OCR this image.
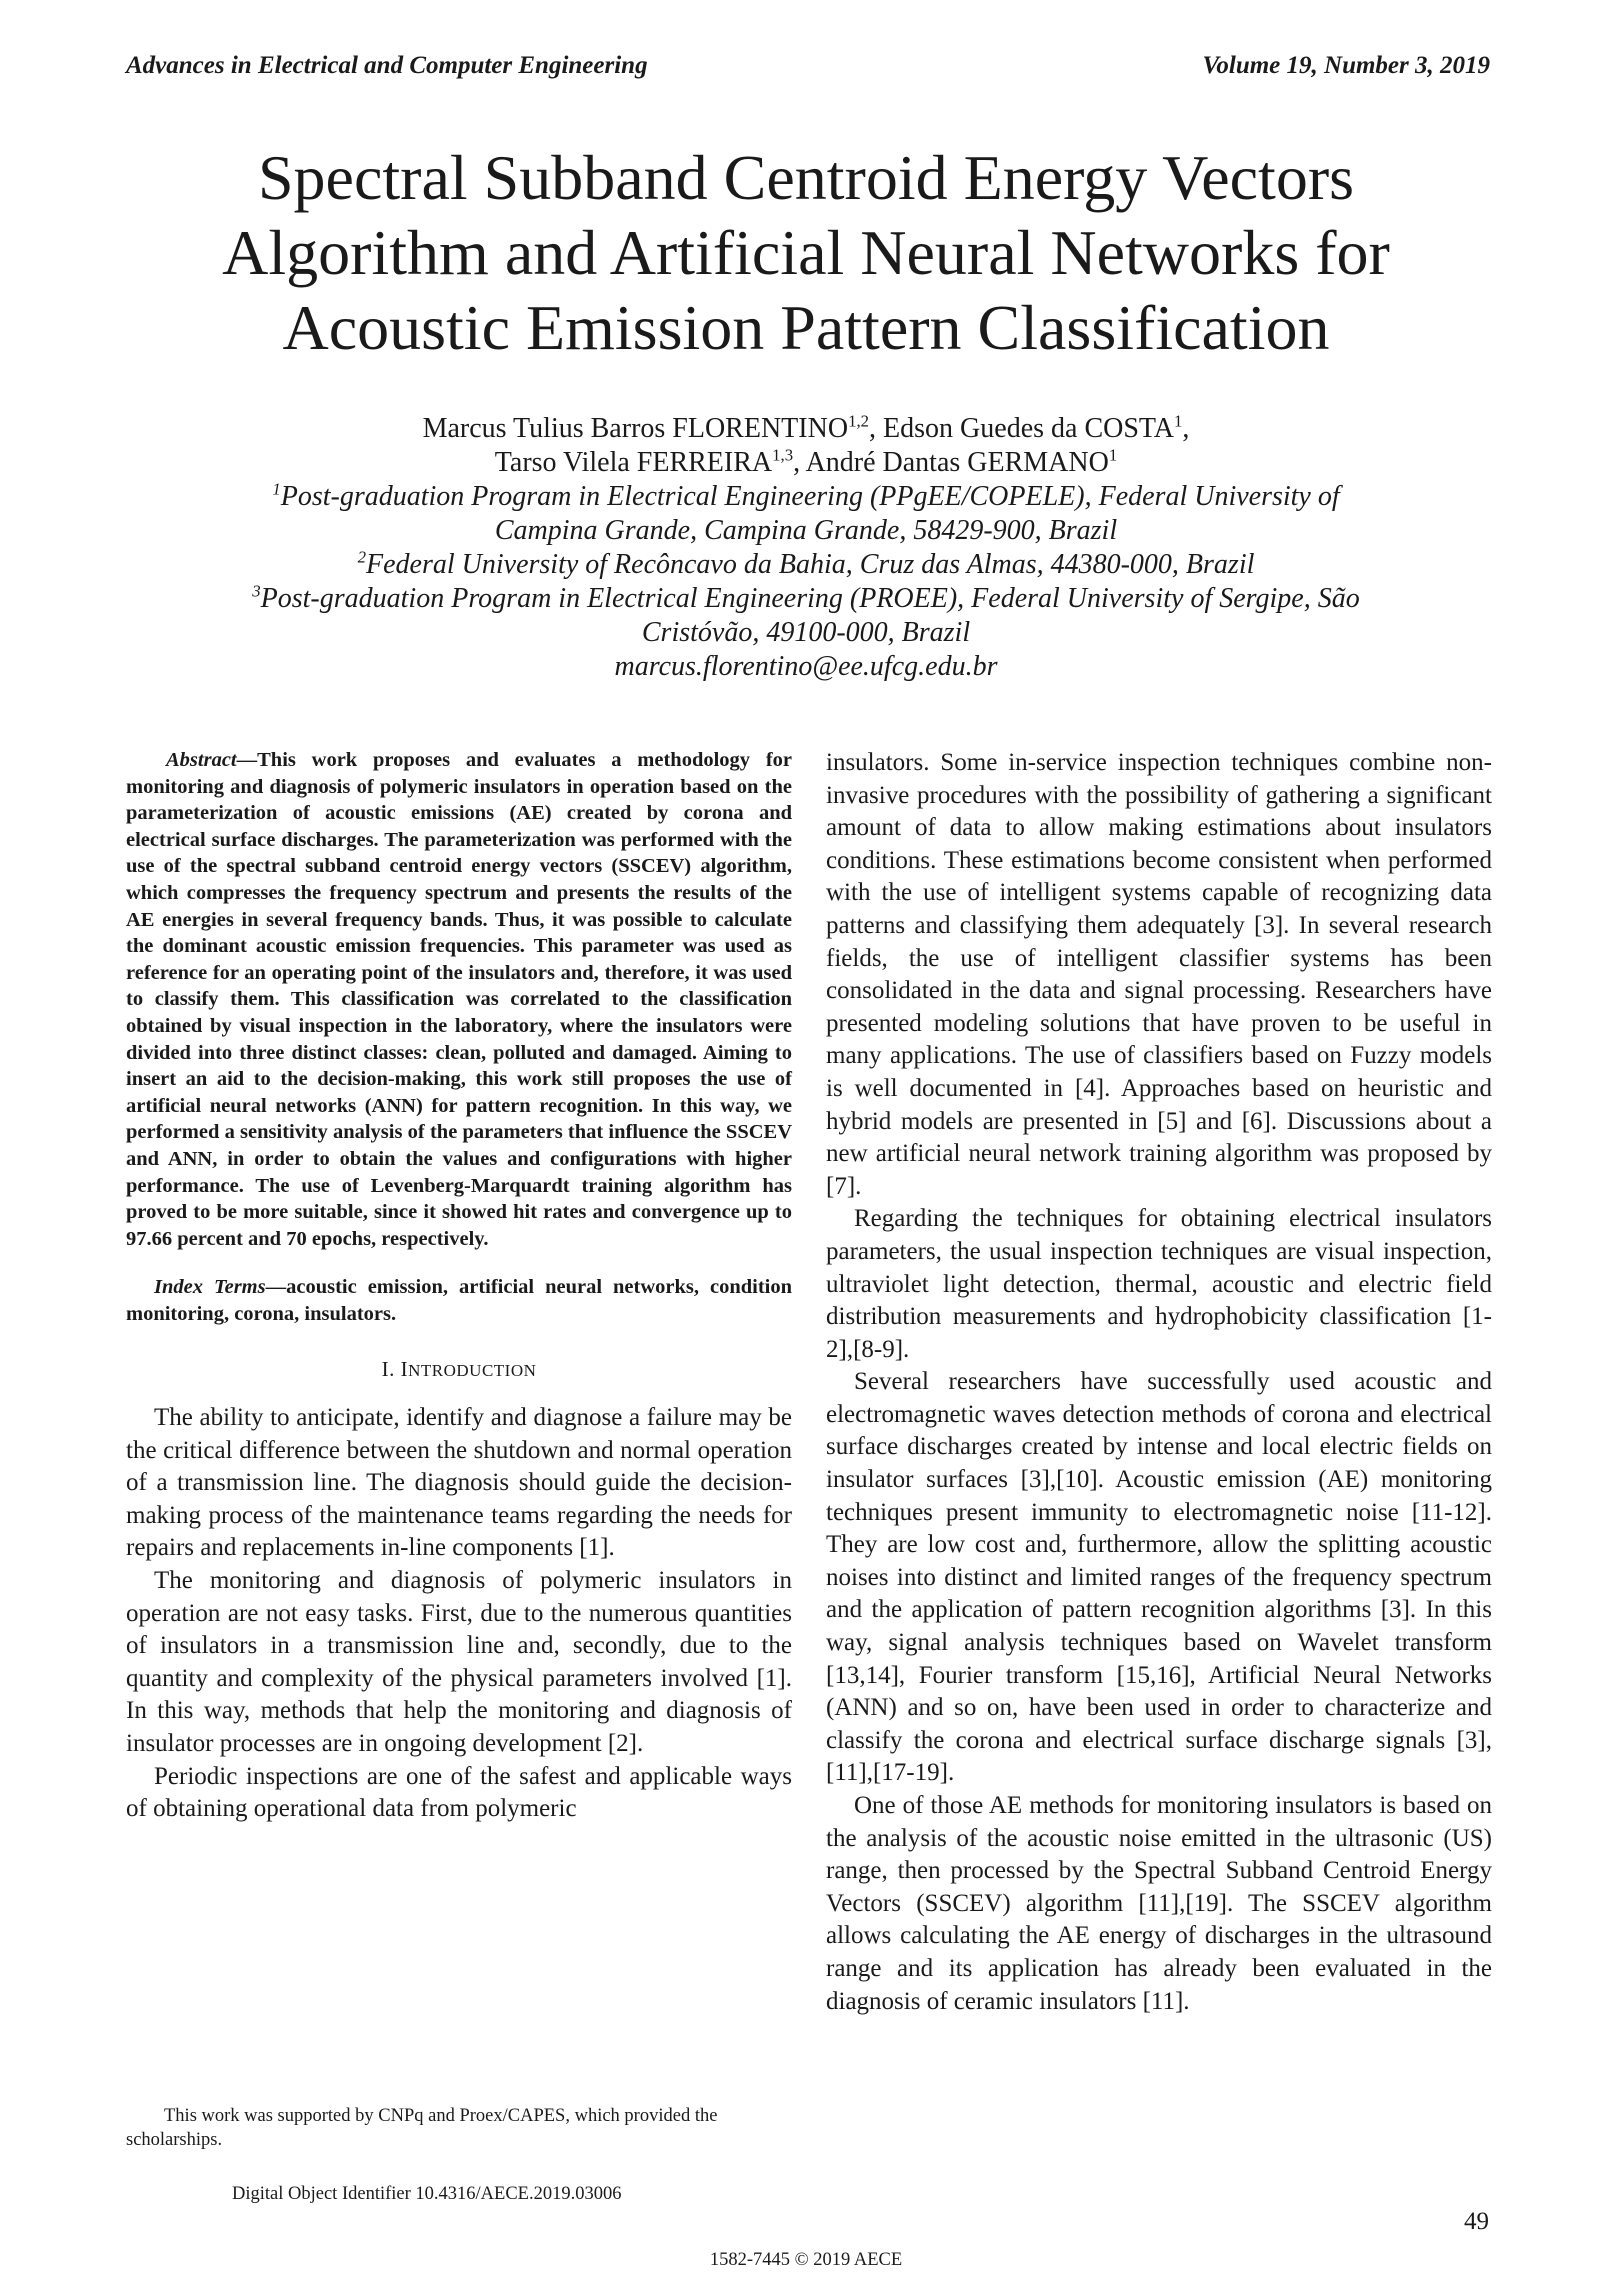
Advances in Electrical and Computer Engineering	Volume 19, Number 3, 2019
Spectral Subband Centroid Energy Vectors
Algorithm and Artificial Neural Networks for
Acoustic Emission Pattern Classification
Marcus Tulius Barros FLORENTINO$^{1,2}$, Edson Guedes da COSTA$^1$,
Tarso Vilela FERREIRA$^{1,3}$, André Dantas GERMANO$^1$
$^1$Post-graduation Program in Electrical Engineering (PPgEE/COPELE), Federal University of
Campina Grande, Campina Grande, 58429-900, Brazil
$^2$Federal University of Recôncavo da Bahia, Cruz das Almas, 44380-000, Brazil
$^3$Post-graduation Program in Electrical Engineering (PROEE), Federal University of Sergipe, São
Cristóvão, 49100-000, Brazil
marcus.florentino@ee.ufcg.edu.br

Abstract—This work proposes and evaluates a methodology for monitoring and diagnosis of polymeric insulators in operation based on the parameterization of acoustic emissions (AE) created by corona and electrical surface discharges. The parameterization was performed with the use of the spectral subband centroid energy vectors (SSCEV) algorithm, which compresses the frequency spectrum and presents the results of the AE energies in several frequency bands. Thus, it was possible to calculate the dominant acoustic emission frequencies. This parameter was used as reference for an operating point of the insulators and, therefore, it was used to classify them. This classification was correlated to the classification obtained by visual inspection in the laboratory, where the insulators were divided into three distinct classes: clean, polluted and damaged. Aiming to insert an aid to the decision-making, this work still proposes the use of artificial neural networks (ANN) for pattern recognition. In this way, we performed a sensitivity analysis of the parameters that influence the SSCEV and ANN, in order to obtain the values and configurations with higher performance. The use of Levenberg-Marquardt training algorithm has proved to be more suitable, since it showed hit rates and convergence up to 97.66 percent and 70 epochs, respectively.

Index Terms—acoustic emission, artificial neural networks, condition monitoring, corona, insulators.

I. INTRODUCTION

The ability to anticipate, identify and diagnose a failure may be the critical difference between the shutdown and normal operation of a transmission line. The diagnosis should guide the decision-making process of the maintenance teams regarding the needs for repairs and replacements in-line components [1].

The monitoring and diagnosis of polymeric insulators in operation are not easy tasks. First, due to the numerous quantities of insulators in a transmission line and, secondly, due to the quantity and complexity of the physical parameters involved [1]. In this way, methods that help the monitoring and diagnosis of insulator processes are in ongoing development [2].

Periodic inspections are one of the safest and applicable ways of obtaining operational data from polymeric

insulators. Some in-service inspection techniques combine non-invasive procedures with the possibility of gathering a significant amount of data to allow making estimations about insulators conditions. These estimations become consistent when performed with the use of intelligent systems capable of recognizing data patterns and classifying them adequately [3]. In several research fields, the use of intelligent classifier systems has been consolidated in the data and signal processing. Researchers have presented modeling solutions that have proven to be useful in many applications. The use of classifiers based on Fuzzy models is well documented in [4]. Approaches based on heuristic and hybrid models are presented in [5] and [6]. Discussions about a new artificial neural network training algorithm was proposed by [7].

Regarding the techniques for obtaining electrical insulators parameters, the usual inspection techniques are visual inspection, ultraviolet light detection, thermal, acoustic and electric field distribution measurements and hydrophobicity classification [1-2],[8-9].

Several researchers have successfully used acoustic and electromagnetic waves detection methods of corona and electrical surface discharges created by intense and local electric fields on insulator surfaces [3],[10]. Acoustic emission (AE) monitoring techniques present immunity to electromagnetic noise [11-12]. They are low cost and, furthermore, allow the splitting acoustic noises into distinct and limited ranges of the frequency spectrum and the application of pattern recognition algorithms [3]. In this way, signal analysis techniques based on Wavelet transform [13,14], Fourier transform [15,16], Artificial Neural Networks (ANN) and so on, have been used in order to characterize and classify the corona and electrical surface discharge signals [3],[11],[17-19].

One of those AE methods for monitoring insulators is based on the analysis of the acoustic noise emitted in the ultrasonic (US) range, then processed by the Spectral Subband Centroid Energy Vectors (SSCEV) algorithm [11],[19]. The SSCEV algorithm allows calculating the AE energy of discharges in the ultrasound range and its application has already been evaluated in the diagnosis of ceramic insulators [11].

This work was supported by CNPq and Proex/CAPES, which provided the scholarships.
Digital Object Identifier 10.4316/AECE.2019.03006
49
1582-7445 © 2019 AECE
